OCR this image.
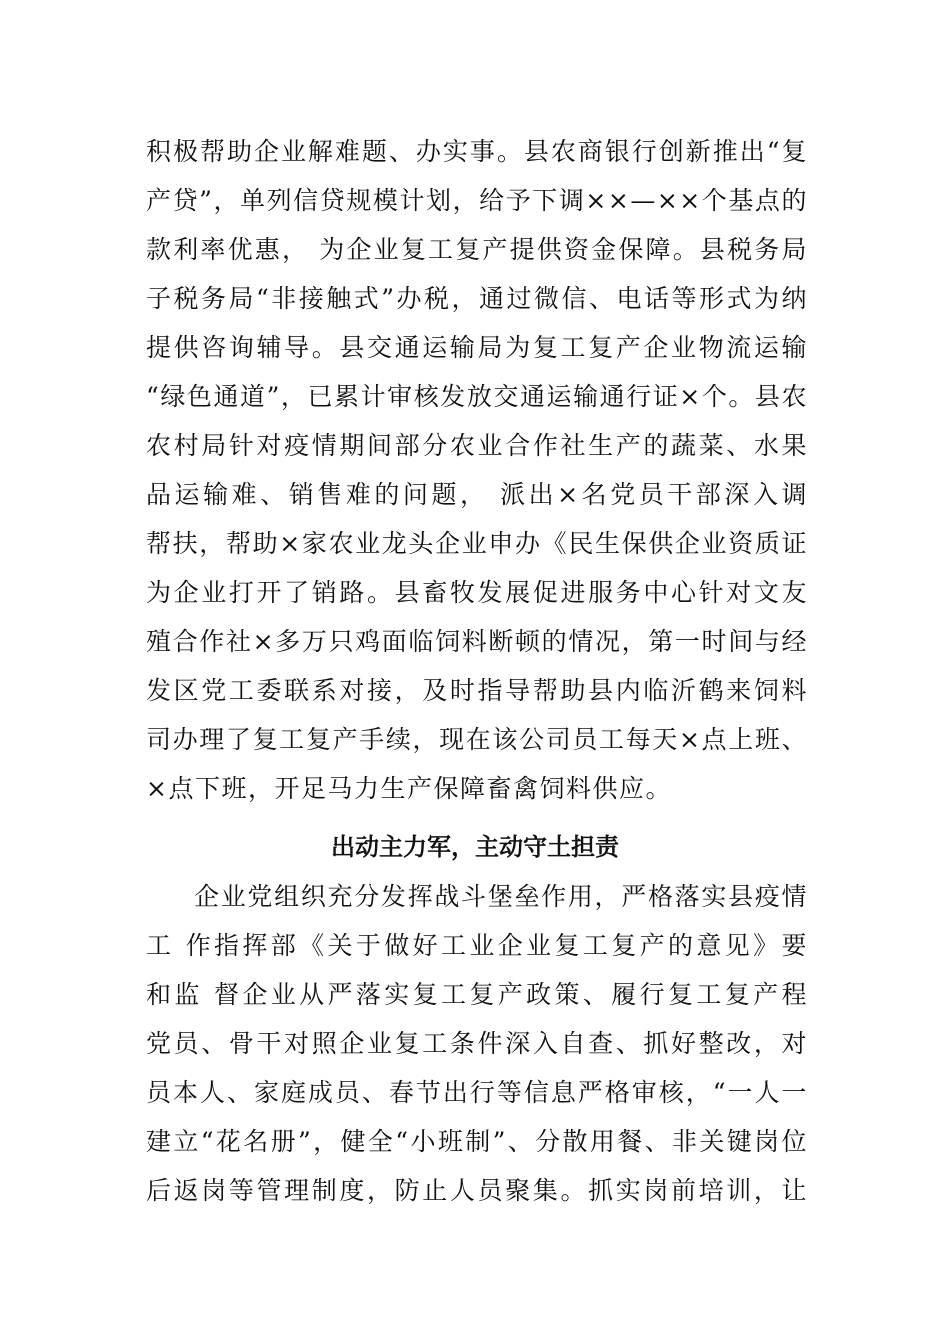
积极帮助企业解难题、办实事。县农商银行创新推出“复
产贷”，单列信贷规模计划，给予下调××—××个基点的
款利率优惠， 为企业复工复产提供资金保障。县税务局
子税务局“非接触式”办税，通过微信、电话等形式为纳
提供咨询辅导。县交通运输局为复工复产企业物流运输
“绿色通道”，已累计审核发放交通运输通行证×个。县农
农村局针对疫情期间部分农业合作社生产的蔬菜、水果
品运输难、销售难的问题， 派出×名党员干部深入调
帮扶，帮助×家农业龙头企业申办《民生保供企业资质证
为企业打开了销路。县畜牧发展促进服务中心针对文友
殖合作社×多万只鸡面临饲料断顿的情况，第一时间与经
发区党工委联系对接，及时指导帮助县内临沂鹤来饲料
司办理了复工复产手续，现在该公司员工每天×点上班、
×点下班，开足马力生产保障畜禽饲料供应。
出动主力军，主动守土担责
企业党组织充分发挥战斗堡垒作用，严格落实县疫情
工 作指挥部《关于做好工业企业复工复产的意见》要
和监 督企业从严落实复工复产政策、履行复工复产程
党员、骨干对照企业复工条件深入自查、抓好整改，对
员本人、家庭成员、春节出行等信息严格审核，“一人一
建立“花名册”，健全“小班制”、分散用餐、非关键岗位
后返岗等管理制度，防止人员聚集。抓实岗前培训，让
